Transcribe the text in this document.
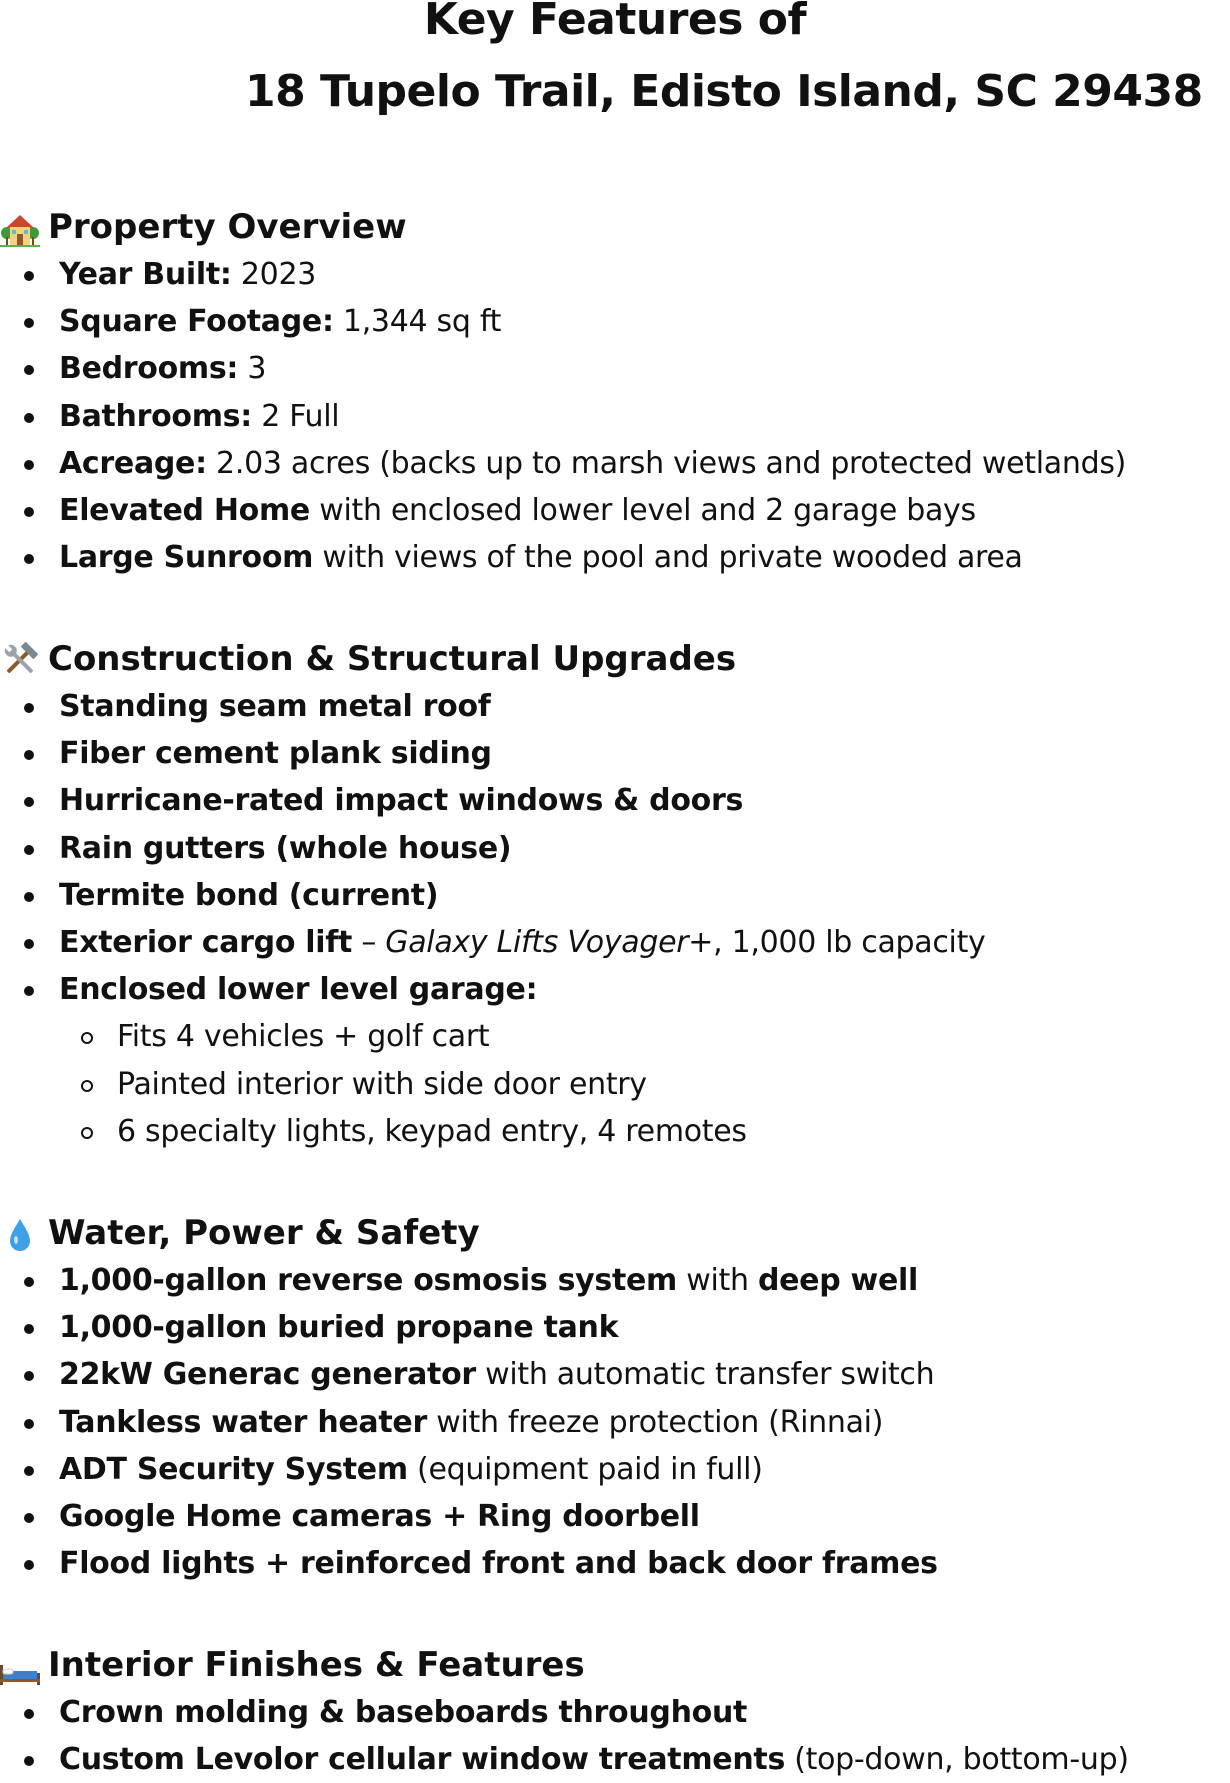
Key Features of
18 Tupelo Trail, Edisto Island, SC 29438
Property Overview
Year Built: 2023
Square Footage: 1,344 sq ft
Bedrooms: 3
Bathrooms: 2 Full
Acreage: 2.03 acres (backs up to marsh views and protected wetlands)
Elevated Home with enclosed lower level and 2 garage bays
Large Sunroom with views of the pool and private wooded area
Construction & Structural Upgrades
Standing seam metal roof
Fiber cement plank siding
Hurricane-rated impact windows & doors
Rain gutters (whole house)
Termite bond (current)
Exterior cargo lift – Galaxy Lifts Voyager+, 1,000 lb capacity
Enclosed lower level garage:
Fits 4 vehicles + golf cart
Painted interior with side door entry
6 specialty lights, keypad entry, 4 remotes
Water, Power & Safety
1,000-gallon reverse osmosis system with deep well
1,000-gallon buried propane tank
22kW Generac generator with automatic transfer switch
Tankless water heater with freeze protection (Rinnai)
ADT Security System (equipment paid in full)
Google Home cameras + Ring doorbell
Flood lights + reinforced front and back door frames
Interior Finishes & Features
Crown molding & baseboards throughout
Custom Levolor cellular window treatments (top-down, bottom-up)
